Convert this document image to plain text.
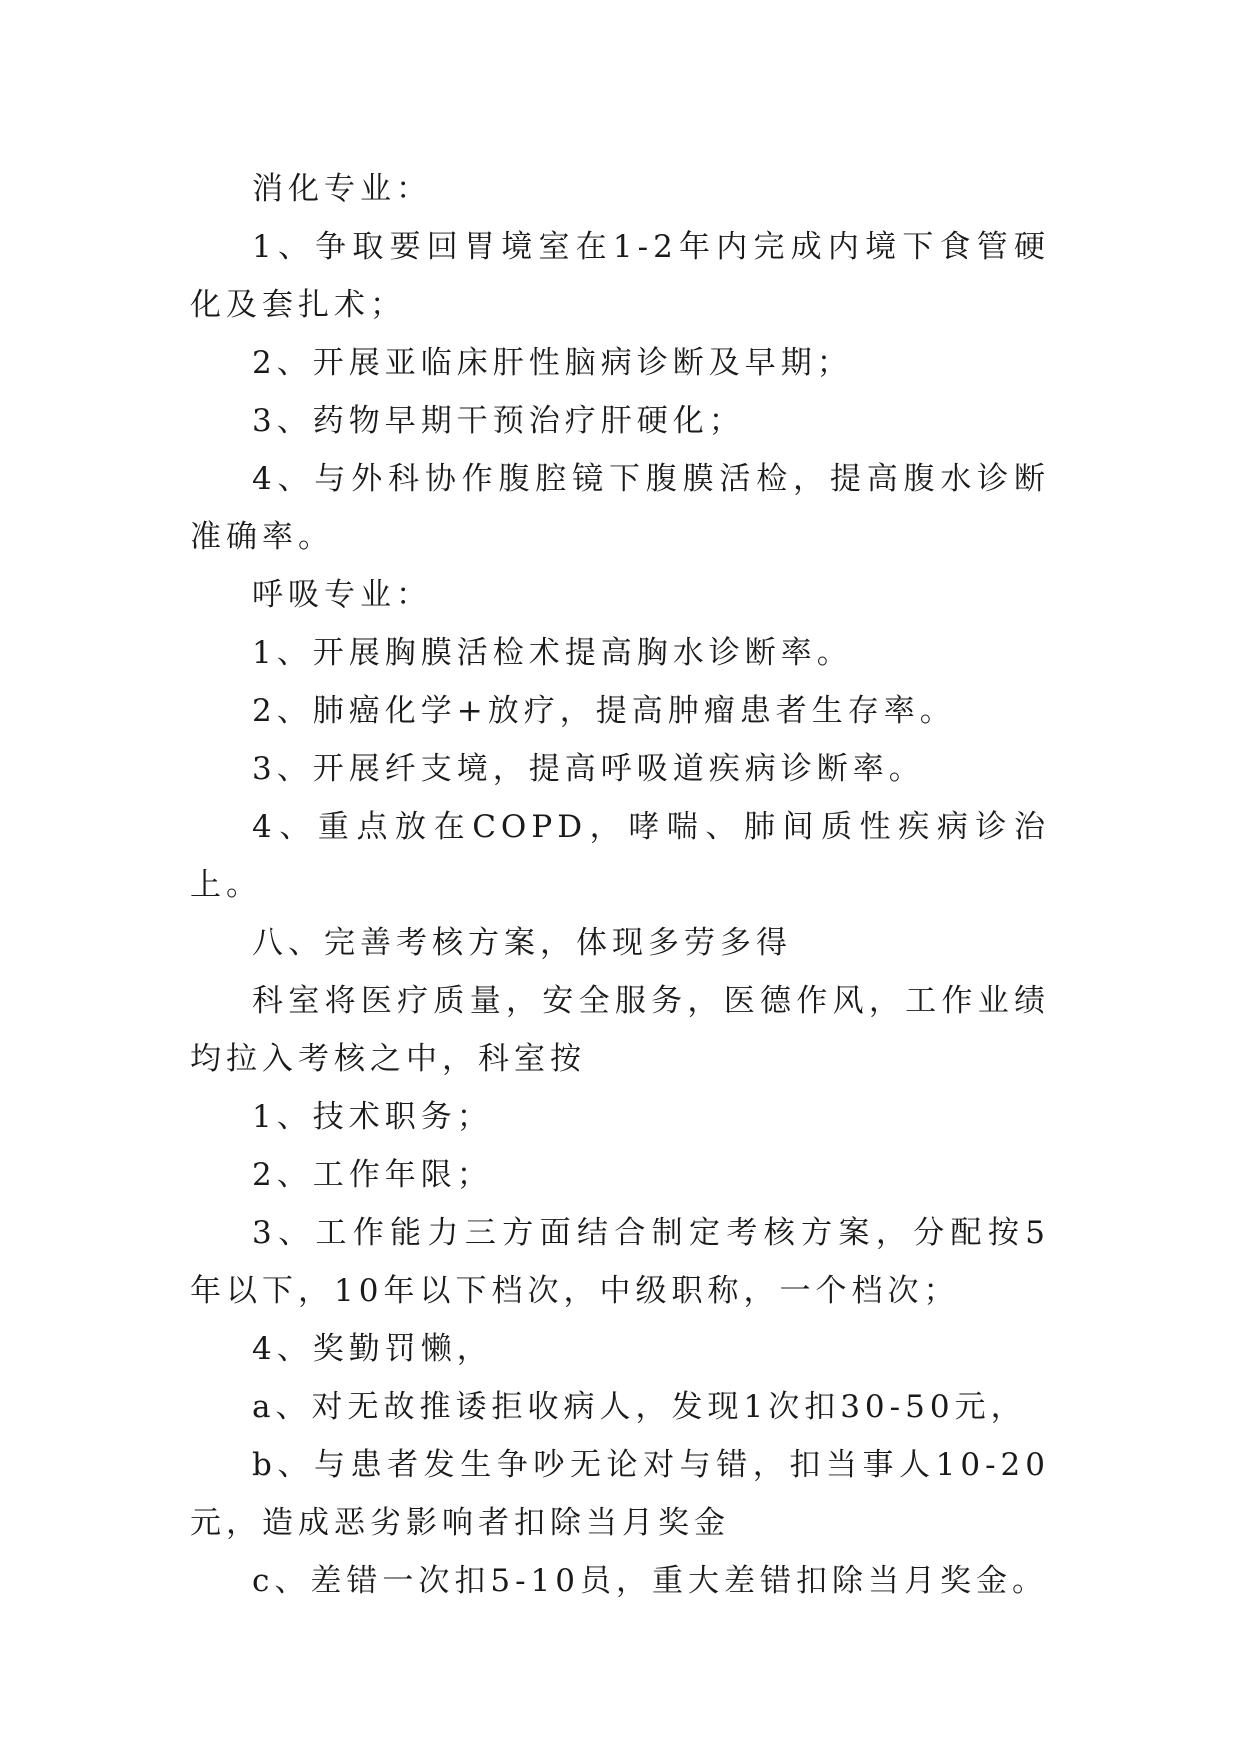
消化专业：

1、争取要回胃境室在1-2年内完成内境下食管硬化及套扎术；

2、开展亚临床肝性脑病诊断及早期；

3、药物早期干预治疗肝硬化；

4、与外科协作腹腔镜下腹膜活检，提高腹水诊断准确率。

呼吸专业：

1、开展胸膜活检术提高胸水诊断率。

2、肺癌化学+放疗，提高肿瘤患者生存率。

3、开展纤支境，提高呼吸道疾病诊断率。

4、重点放在COPD，哮喘、肺间质性疾病诊治上。

八、完善考核方案，体现多劳多得

科室将医疗质量，安全服务，医德作风，工作业绩均拉入考核之中，科室按

1、技术职务；

2、工作年限；

3、工作能力三方面结合制定考核方案，分配按5年以下，10年以下档次，中级职称，一个档次；

4、奖勤罚懒，

a、对无故推诿拒收病人，发现1次扣30-50元，

b、与患者发生争吵无论对与错，扣当事人10-20元，造成恶劣影响者扣除当月奖金

c、差错一次扣5-10员，重大差错扣除当月奖金。
